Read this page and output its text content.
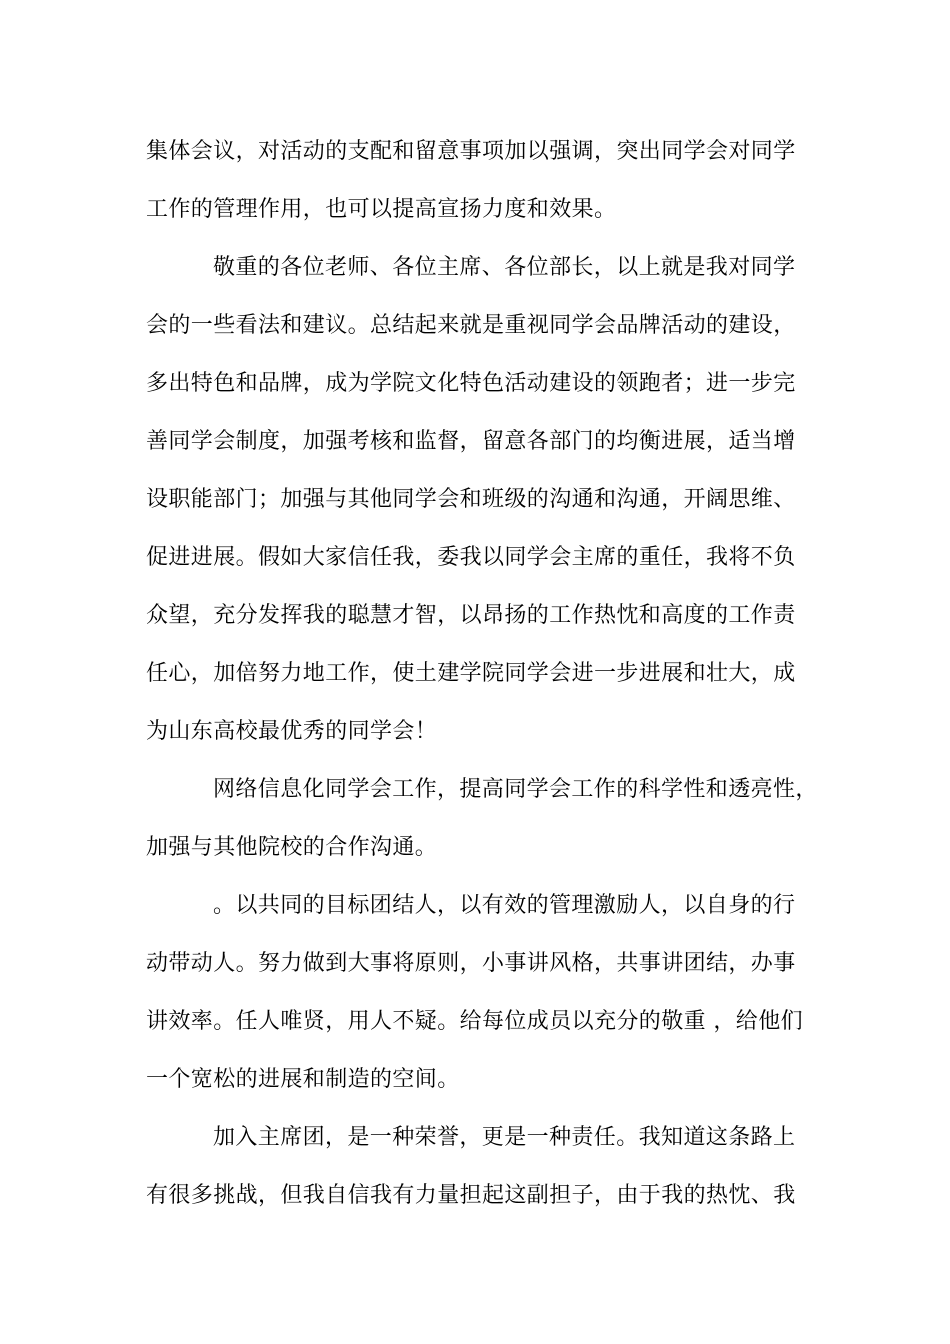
集体会议，对活动的支配和留意事项加以强调，突出同学会对同学
工作的管理作用，也可以提高宣扬力度和效果。
敬重的各位老师、各位主席、各位部长，以上就是我对同学
会的一些看法和建议。总结起来就是重视同学会品牌活动的建设，
多出特色和品牌，成为学院文化特色活动建设的领跑者；进一步完
善同学会制度，加强考核和监督，留意各部门的均衡进展，适当增
设职能部门；加强与其他同学会和班级的沟通和沟通，开阔思维、
促进进展。假如大家信任我，委我以同学会主席的重任，我将不负
众望，充分发挥我的聪慧才智，以昂扬的工作热忱和高度的工作责
任心，加倍努力地工作，使土建学院同学会进一步进展和壮大，成
为山东高校最优秀的同学会！
网络信息化同学会工作，提高同学会工作的科学性和透亮性，
加强与其他院校的合作沟通。
。以共同的目标团结人，以有效的管理激励人，以自身的行
动带动人。努力做到大事将原则，小事讲风格，共事讲团结，办事
讲效率。任人唯贤，用人不疑。给每位成员以充分的敬重 ，给他们
一个宽松的进展和制造的空间。
加入主席团，是一种荣誉，更是一种责任。我知道这条路上
有很多挑战，但我自信我有力量担起这副担子，由于我的热忱、我
